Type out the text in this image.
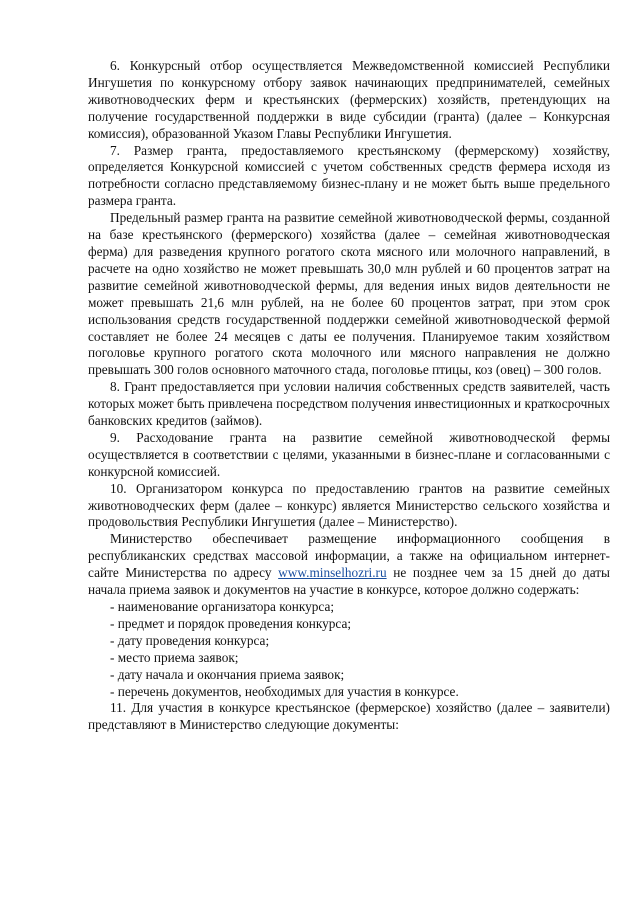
6. Конкурсный отбор осуществляется Межведомственной комиссией Республики Ингушетия по конкурсному отбору заявок начинающих предпринимателей, семейных животноводческих ферм и крестьянских (фермерских) хозяйств, претендующих на получение государственной поддержки в виде субсидии (гранта) (далее – Конкурсная комиссия), образованной Указом Главы Республики Ингушетия.

7. Размер гранта, предоставляемого крестьянскому (фермерскому) хозяйству, определяется Конкурсной комиссией с учетом собственных средств фермера исходя из потребности согласно представляемому бизнес-плану и не может быть выше предельного размера гранта.

Предельный размер гранта на развитие семейной животноводческой фермы, созданной на базе крестьянского (фермерского) хозяйства (далее – семейная животноводческая ферма) для разведения крупного рогатого скота мясного или молочного направлений, в расчете на одно хозяйство не может превышать 30,0 млн рублей и 60 процентов затрат на развитие семейной животноводческой фермы, для ведения иных видов деятельности не может превышать 21,6 млн рублей, на не более 60 процентов затрат, при этом срок использования средств государственной поддержки семейной животноводческой фермой составляет не более 24 месяцев с даты ее получения. Планируемое таким хозяйством поголовье крупного рогатого скота молочного или мясного направления не должно превышать 300 голов основного маточного стада, поголовье птицы, коз (овец) – 300 голов.

8. Грант предоставляется при условии наличия собственных средств заявителей, часть которых может быть привлечена посредством получения инвестиционных и краткосрочных банковских кредитов (займов).

9. Расходование гранта на развитие семейной животноводческой фермы осуществляется в соответствии с целями, указанными в бизнес-плане и согласованными с конкурсной комиссией.

10. Организатором конкурса по предоставлению грантов на развитие семейных животноводческих ферм (далее – конкурс) является Министерство сельского хозяйства и продовольствия Республики Ингушетия (далее – Министерство).

Министерство обеспечивает размещение информационного сообщения в республиканских средствах массовой информации, а также на официальном интернет-сайте Министерства по адресу www.minselhozri.ru не позднее чем за 15 дней до даты начала приема заявок и документов на участие в конкурсе, которое должно содержать:

- наименование организатора конкурса;

- предмет и порядок проведения конкурса;

- дату проведения конкурса;

- место приема заявок;

- дату начала и окончания приема заявок;

- перечень документов, необходимых для участия в конкурсе.

11. Для участия в конкурсе крестьянское (фермерское) хозяйство (далее – заявители) представляют в Министерство следующие документы:
